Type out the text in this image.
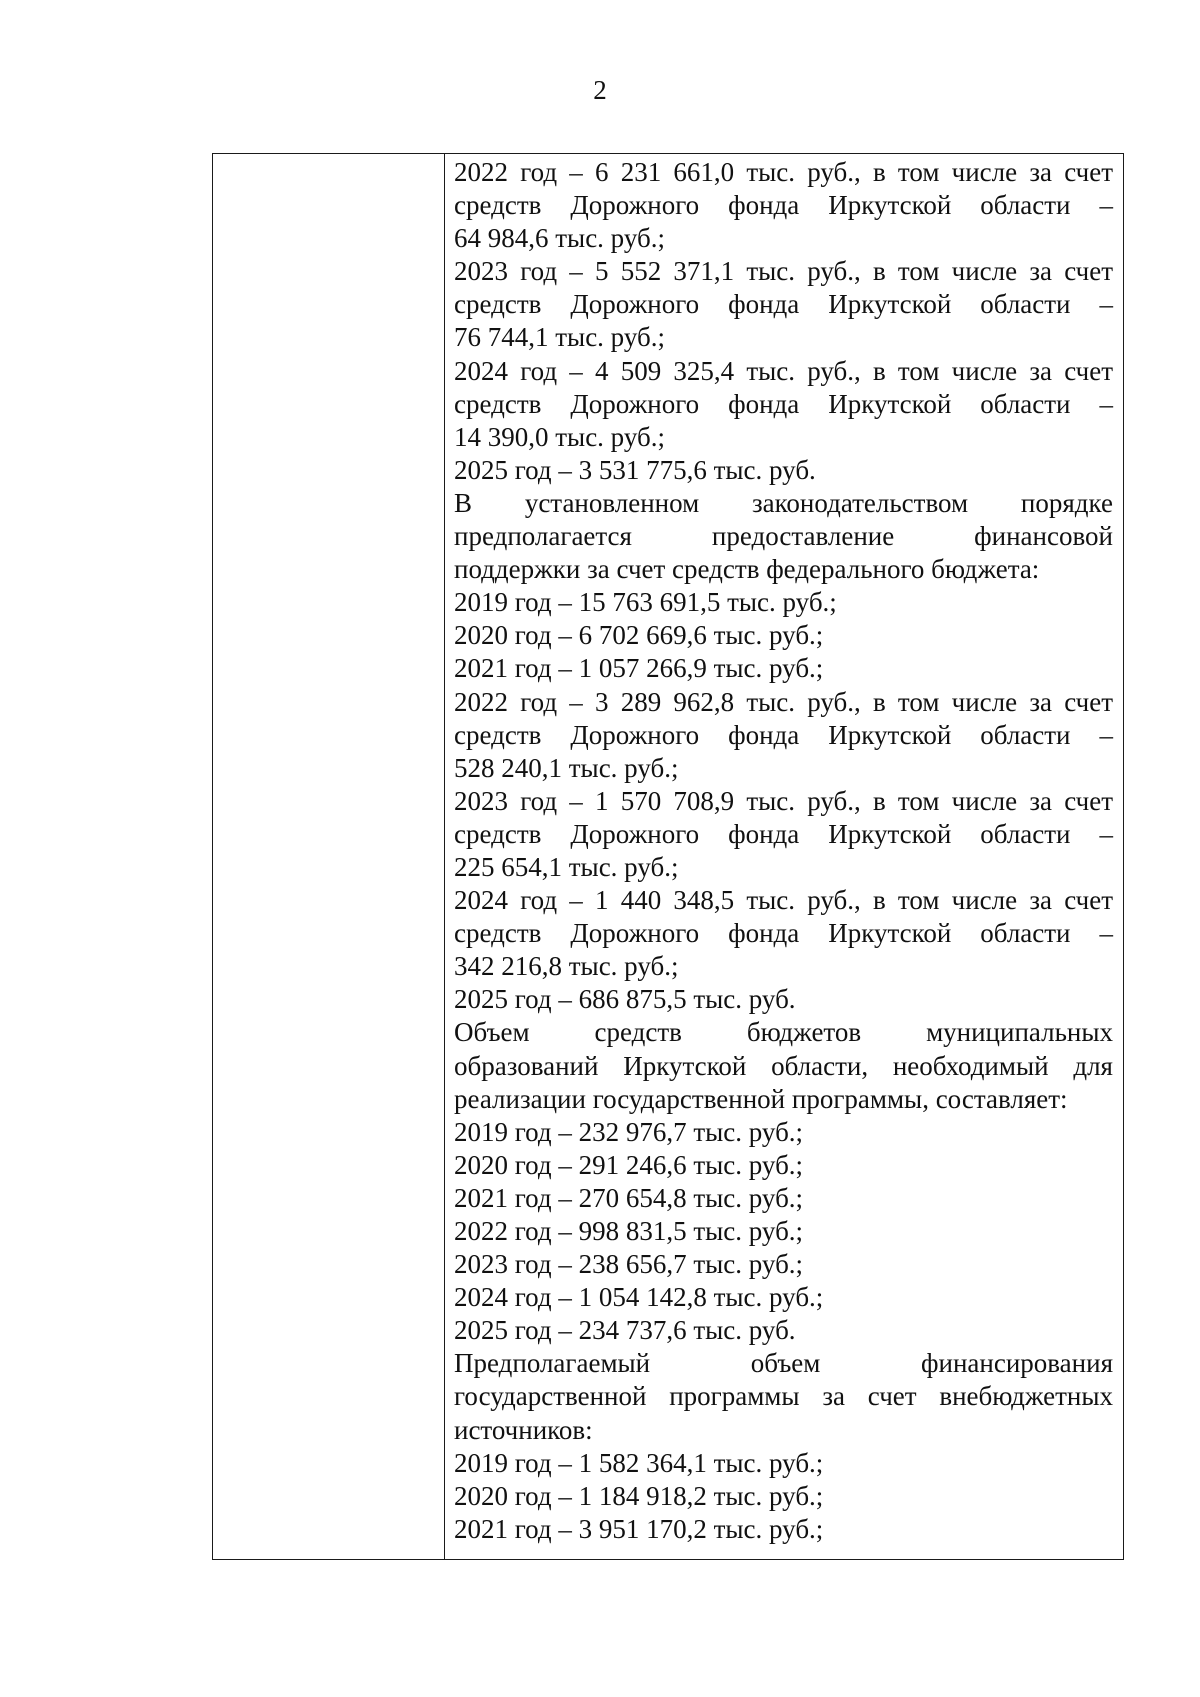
2
2022 год – 6 231 661,0 тыс. руб., в том числе за счет
средств Дорожного фонда Иркутской области –
64 984,6 тыс. руб.;
2023 год – 5 552 371,1 тыс. руб., в том числе за счет
средств Дорожного фонда Иркутской области –
76 744,1 тыс. руб.;
2024 год – 4 509 325,4 тыс. руб., в том числе за счет
средств Дорожного фонда Иркутской области –
14 390,0 тыс. руб.;
2025 год – 3 531 775,6 тыс. руб.
В установленном законодательством порядке
предполагается	предоставление	финансовой
поддержки за счет средств федерального бюджета:
2019 год – 15 763 691,5 тыс. руб.;
2020 год – 6 702 669,6 тыс. руб.;
2021 год – 1 057 266,9 тыс. руб.;
2022 год – 3 289 962,8 тыс. руб., в том числе за счет
средств Дорожного фонда Иркутской области –
528 240,1 тыс. руб.;
2023 год – 1 570 708,9 тыс. руб., в том числе за счет
средств Дорожного фонда Иркутской области –
225 654,1 тыс. руб.;
2024 год – 1 440 348,5 тыс. руб., в том числе за счет
средств Дорожного фонда Иркутской области –
342 216,8 тыс. руб.;
2025 год – 686 875,5 тыс. руб.
Объем средств бюджетов муниципальных
образований Иркутской области, необходимый для
реализации государственной программы, составляет:
2019 год – 232 976,7 тыс. руб.;
2020 год – 291 246,6 тыс. руб.;
2021 год – 270 654,8 тыс. руб.;
2022 год – 998 831,5 тыс. руб.;
2023 год – 238 656,7 тыс. руб.;
2024 год – 1 054 142,8 тыс. руб.;
2025 год – 234 737,6 тыс. руб.
Предполагаемый	объем	финансирования
государственной программы за счет внебюджетных
источников:
2019 год – 1 582 364,1 тыс. руб.;
2020 год – 1 184 918,2 тыс. руб.;
2021 год – 3 951 170,2 тыс. руб.;
